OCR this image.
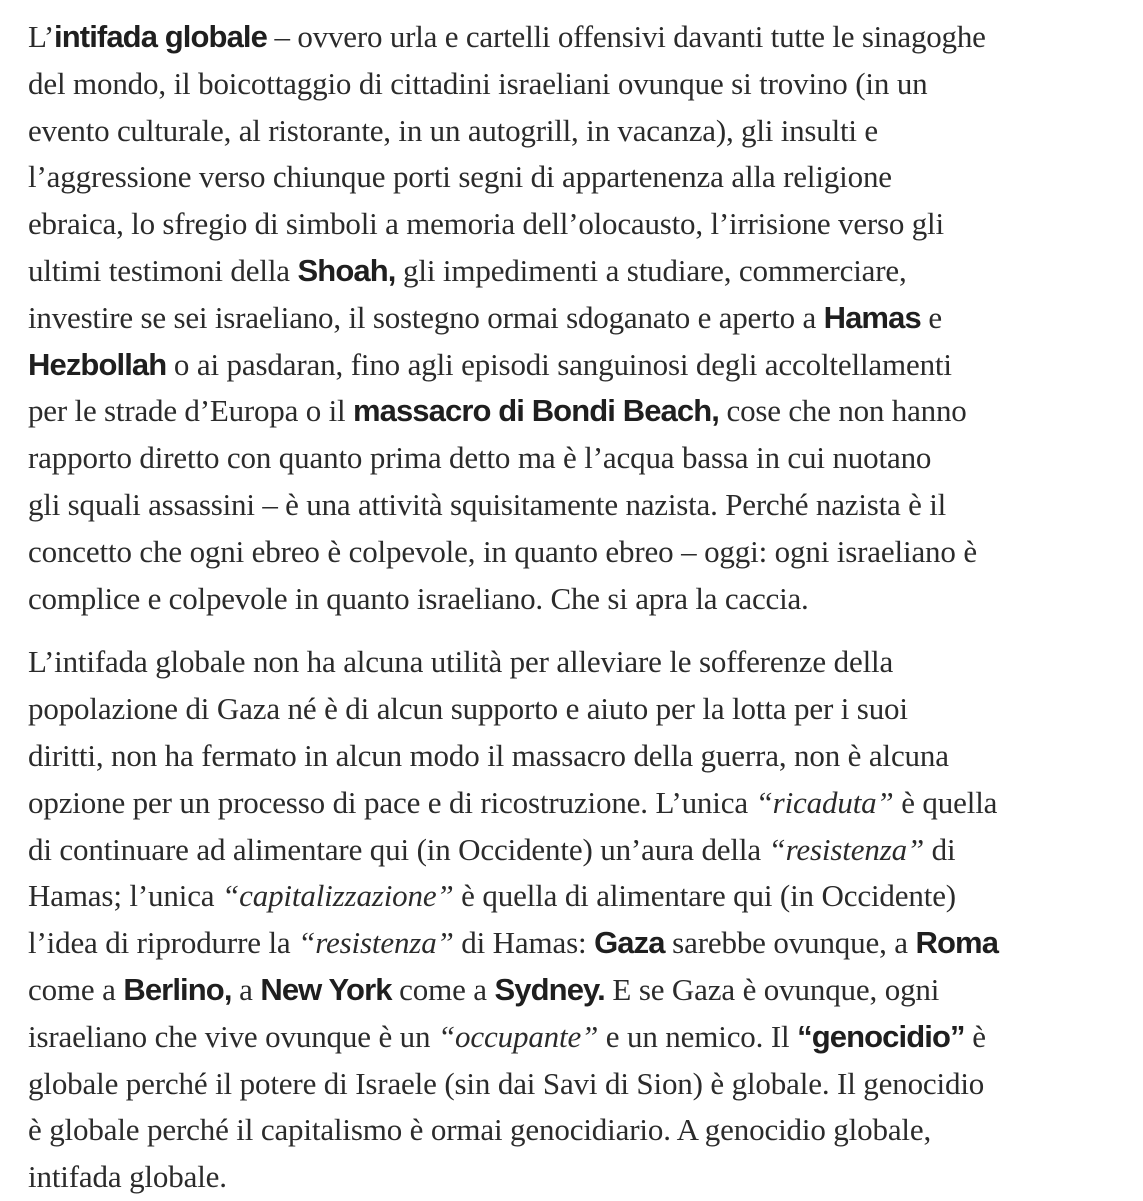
L’intifada globale – ovvero urla e cartelli offensivi davanti tutte le sinagoghe
del mondo, il boicottaggio di cittadini israeliani ovunque si trovino (in un
evento culturale, al ristorante, in un autogrill, in vacanza), gli insulti e
l’aggressione verso chiunque porti segni di appartenenza alla religione
ebraica, lo sfregio di simboli a memoria dell’olocausto, l’irrisione verso gli
ultimi testimoni della Shoah, gli impedimenti a studiare, commerciare,
investire se sei israeliano, il sostegno ormai sdoganato e aperto a Hamas e
Hezbollah o ai pasdaran, fino agli episodi sanguinosi degli accoltellamenti
per le strade d’Europa o il massacro di Bondi Beach, cose che non hanno
rapporto diretto con quanto prima detto ma è l’acqua bassa in cui nuotano
gli squali assassini – è una attività squisitamente nazista. Perché nazista è il
concetto che ogni ebreo è colpevole, in quanto ebreo – oggi: ogni israeliano è
complice e colpevole in quanto israeliano. Che si apra la caccia.

L’intifada globale non ha alcuna utilità per alleviare le sofferenze della
popolazione di Gaza né è di alcun supporto e aiuto per la lotta per i suoi
diritti, non ha fermato in alcun modo il massacro della guerra, non è alcuna
opzione per un processo di pace e di ricostruzione. L’unica “ricaduta” è quella
di continuare ad alimentare qui (in Occidente) un’aura della “resistenza” di
Hamas; l’unica “capitalizzazione” è quella di alimentare qui (in Occidente)
l’idea di riprodurre la “resistenza” di Hamas: Gaza sarebbe ovunque, a Roma
come a Berlino, a New York come a Sydney. E se Gaza è ovunque, ogni
israeliano che vive ovunque è un “occupante” e un nemico. Il “genocidio” è
globale perché il potere di Israele (sin dai Savi di Sion) è globale. Il genocidio
è globale perché il capitalismo è ormai genocidiario. A genocidio globale,
intifada globale.
